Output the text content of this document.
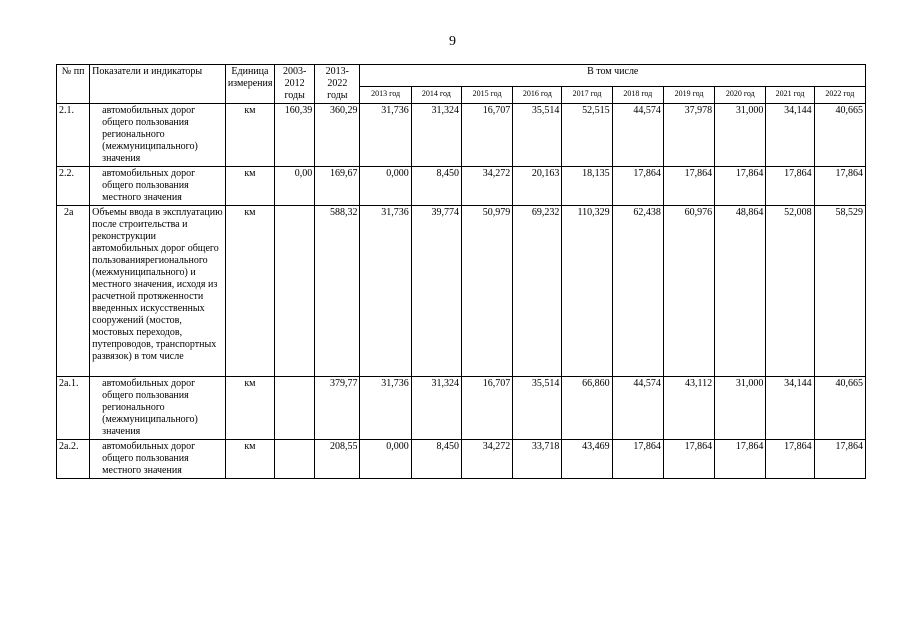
9
№ пп	Показатели и индикаторы	Единица измерения	2003-2012 годы	2013-2022 годы	В том числе									
					2013 год	2014 год	2015 год	2016 год	2017 год	2018 год	2019 год	2020 год	2021 год	2022 год
2.1.	автомобильных дорог общего пользования регионального (межмуниципального) значения	км	160,39	360,29	31,736	31,324	16,707	35,514	52,515	44,574	37,978	31,000	34,144	40,665
2.2.	автомобильных дорог общего пользования местного значения	км	0,00	169,67	0,000	8,450	34,272	20,163	18,135	17,864	17,864	17,864	17,864	17,864
2а	Объемы ввода в эксплуатацию после строительства и реконструкции автомобильных дорог общего пользованиярегионального (межмуниципального) и местного значения, исходя из расчетной протяженности введенных искусственных сооружений (мостов, мостовых переходов, путепроводов, транспортных развязок) в том числе	км		588,32	31,736	39,774	50,979	69,232	110,329	62,438	60,976	48,864	52,008	58,529
2а.1.	автомобильных дорог общего пользования регионального (межмуниципального) значения	км		379,77	31,736	31,324	16,707	35,514	66,860	44,574	43,112	31,000	34,144	40,665
2а.2.	автомобильных дорог общего пользования местного значения	км		208,55	0,000	8,450	34,272	33,718	43,469	17,864	17,864	17,864	17,864	17,864
